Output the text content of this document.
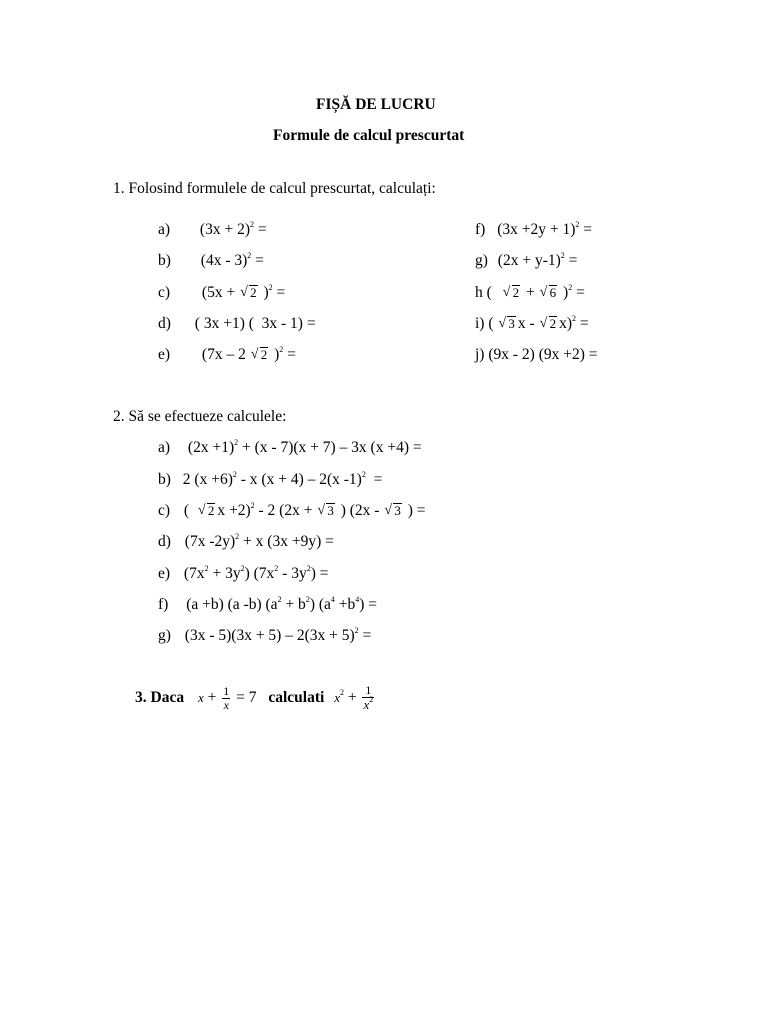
FIȘĂ DE LUCRU
Formule de calcul prescurtat
1. Folosind formulele de calcul prescurtat, calculați:
a) $(3x + 2)^2$ =
b) (4x - 3)$^2$ =
c) (5x + √ 2 )$^2$ =
d) ( 3x +1) (  3x - 1) =
e) (7x – 2 √ 2 )$^2$ =
f) $(3x +2y + 1)^2$ =
g) $(2x + y-1)^2$ =
h ( √ 2 + √ 6 )$^2$ =
i) ( √ 3 x - √ 2 x)$^2$ =
j) (9x - 2) (9x +2) =
2. Să se efectueze calculele:
a) $(2x +1)^2 + (x - 7)(x + 7) - 3x$ (x +4) =
b) 2 $(x +6)^2 - x$ (x + 4) – 2(x -1)$^2$  =
c) (  √ 2 x +2)$^2$ - 2 (2x + √ 3 ) (2x - √ 3 ) =
d) (7x -2y)$^2$ + x (3x +9y) =
e) $(7x^2 + 3y^2)$ $(7x^2 - 3y^2)$ =
f) (a +b) (a -b) $(a^2 + b^2)$ $(a^4 +b^4)$ =
g) $(3x - 5)(3x + 5) - 2(3x + 5)^2$ =
3. Daca $x + \frac{1}{x} = 7$ calculati $x^2 + \frac{1}{x^2}$
